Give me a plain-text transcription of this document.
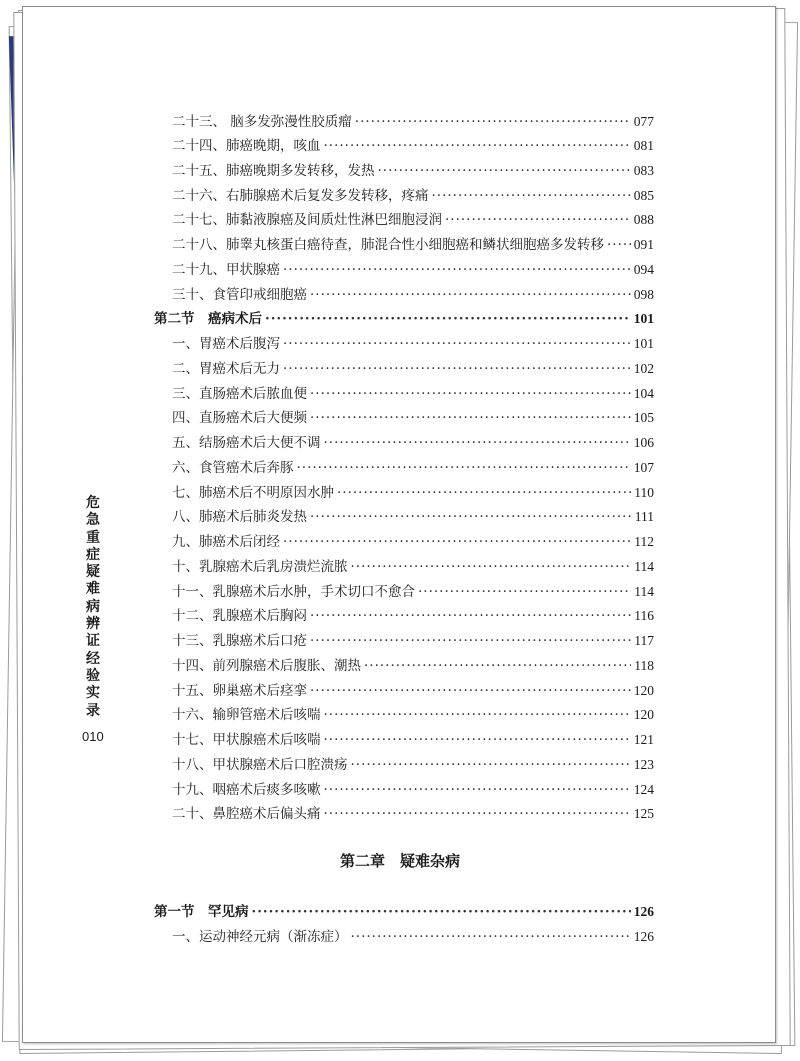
危急重症疑难病辨证经验实录
010
二十三、 脑多发弥漫性胶质瘤 ·····	077
二十四、肺癌晚期，咳血 ·····	081
二十五、肺癌晚期多发转移，发热 ·····	083
二十六、右肺腺癌术后复发多发转移，疼痛 ·····	085
二十七、肺黏液腺癌及间质灶性淋巴细胞浸润 ·····	088
二十八、肺睾丸核蛋白癌待查，肺混合性小细胞癌和鳞状细胞癌多发转移 ····· 091
二十九、甲状腺癌 ·····	094
三十、食管印戒细胞癌 ·····	098
第二节　癌病术后 ·····	101
一、胃癌术后腹泻 ·····	101
二、胃癌术后无力 ·····	102
三、直肠癌术后脓血便 ·····	104
四、直肠癌术后大便频 ·····	105
五、结肠癌术后大便不调 ·····	106
六、食管癌术后奔豚 ·····	107
七、肺癌术后不明原因水肿 ·····	110
八、肺癌术后肺炎发热 ·····	111
九、肺癌术后闭经 ·····	112
十、乳腺癌术后乳房溃烂流脓 ·····	114
十一、乳腺癌术后水肿，手术切口不愈合 ·····	114
十二、乳腺癌术后胸闷 ·····	116
十三、乳腺癌术后口疮 ·····	117
十四、前列腺癌术后腹胀、潮热 ·····	118
十五、卵巢癌术后痉挛 ·····	120
十六、输卵管癌术后咳喘 ·····	120
十七、甲状腺癌术后咳喘 ·····	121
十八、甲状腺癌术后口腔溃疡 ·····	123
十九、咽癌术后痰多咳嗽 ·····	124
二十、鼻腔癌术后偏头痛 ·····	125
第二章　疑难杂病
第一节　罕见病 ·····	126
一、运动神经元病（渐冻症） ·····	126
